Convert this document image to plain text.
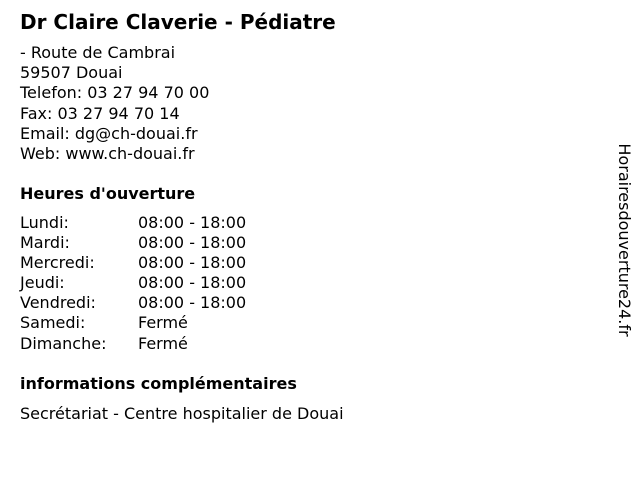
Dr Claire Claverie - Pédiatre
- Route de Cambrai
59507 Douai
Telefon: 03 27 94 70 00
Fax: 03 27 94 70 14
Email: dg@ch-douai.fr
Web: www.ch-douai.fr
Heures d'ouverture
Lundi:	08:00 - 18:00
Mardi:	08:00 - 18:00
Mercredi:	08:00 - 18:00
Jeudi:	08:00 - 18:00
Vendredi:	08:00 - 18:00
Samedi:	Fermé
Dimanche: Fermé
informations complémentaires
Secrétariat - Centre hospitalier de Douai
Horairesdouverture24.fr
